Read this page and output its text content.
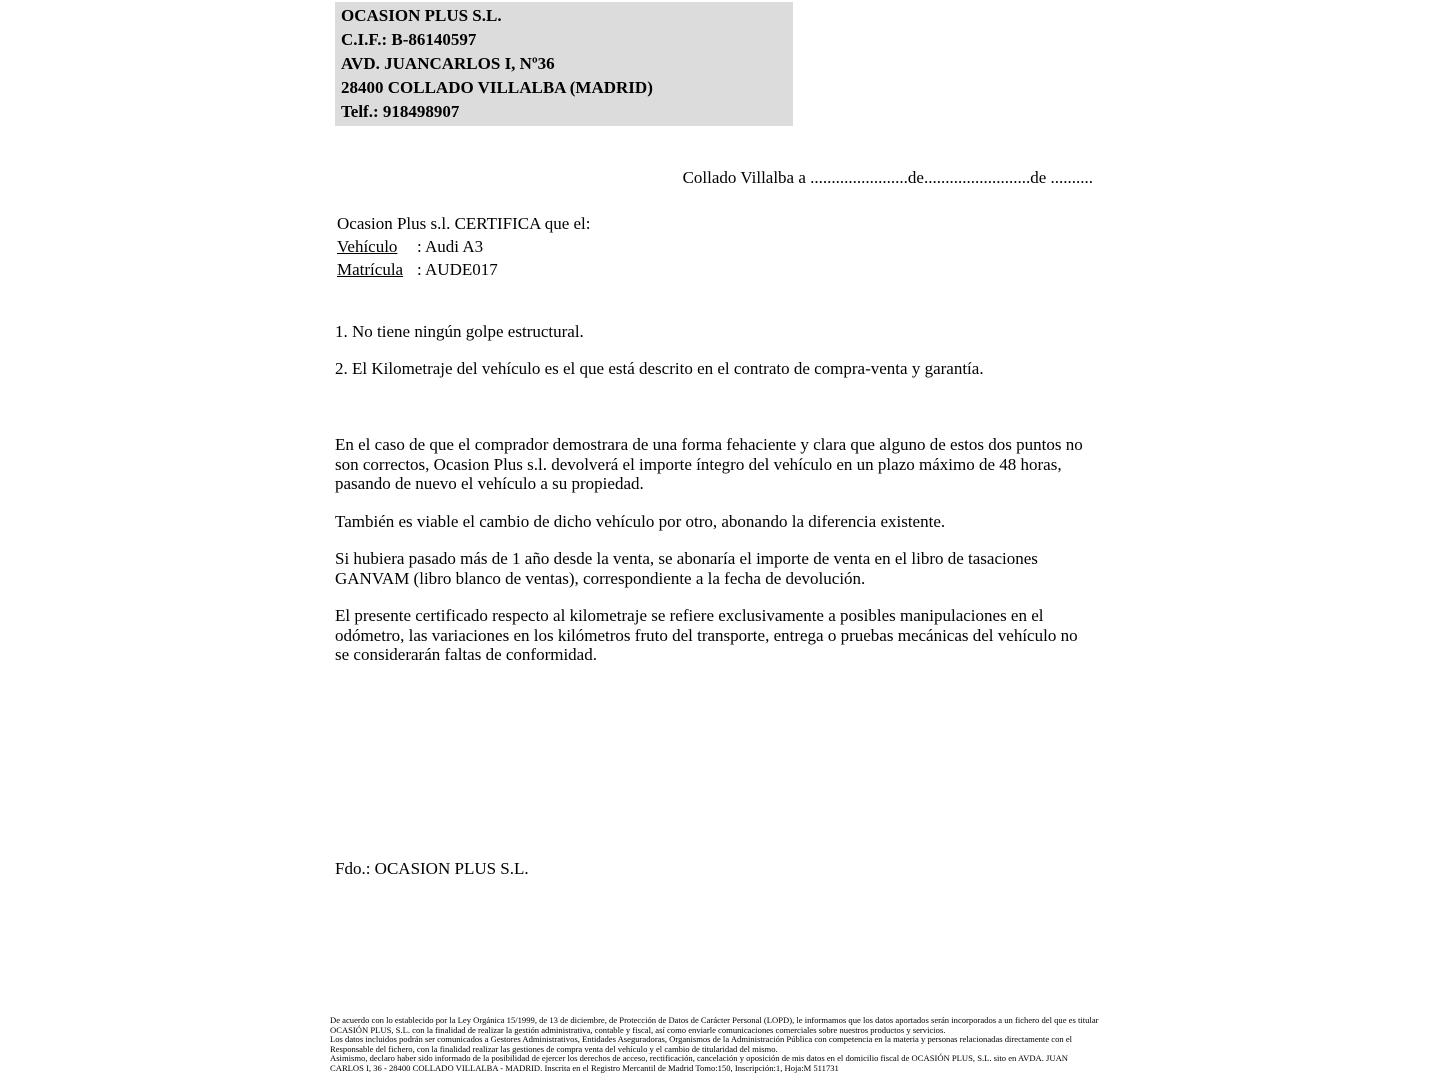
OCASION PLUS S.L.
C.I.F.: B-86140597
AVD. JUANCARLOS I, Nº36
28400 COLLADO VILLALBA (MADRID)
Telf.: 918498907
Collado Villalba a .......................de.........................de ..........
Ocasion Plus s.l. CERTIFICA que el:
Vehículo : Audi A3
Matrícula : AUDE017
1. No tiene ningún golpe estructural.
2. El Kilometraje del vehículo es el que está descrito en el contrato de compra-venta y garantía.

En el caso de que el comprador demostrara de una forma fehaciente y clara que alguno de estos dos puntos no son correctos, Ocasion Plus s.l. devolverá el importe íntegro del vehículo en un plazo máximo de 48 horas, pasando de nuevo el vehículo a su propiedad.

También es viable el cambio de dicho vehículo por otro, abonando la diferencia existente.

Si hubiera pasado más de 1 año desde la venta, se abonaría el importe de venta en el libro de tasaciones GANVAM (libro blanco de ventas), correspondiente a la fecha de devolución.

El presente certificado respecto al kilometraje se refiere exclusivamente a posibles manipulaciones en el odómetro, las variaciones en los kilómetros fruto del transporte, entrega o pruebas mecánicas del vehículo no se considerarán faltas de conformidad.

Fdo.: OCASION PLUS S.L.
De acuerdo con lo establecido por la Ley Orgánica 15/1999, de 13 de diciembre, de Protección de Datos de Carácter Personal (LOPD), le informamos que los datos aportados serán incorporados a un fichero del que es titular OCASIÓN PLUS, S.L. con la finalidad de realizar la gestión administrativa, contable y fiscal, así como enviarle comunicaciones comerciales sobre nuestros productos y servicios.
Los datos incluidos podrán ser comunicados a Gestores Administrativos, Entidades Aseguradoras, Organismos de la Administración Pública con competencia en la materia y personas relacionadas directamente con el Responsable del fichero, con la finalidad realizar las gestiones de compra venta del vehículo y el cambio de titularidad del mismo.
Asimismo, declaro haber sido informado de la posibilidad de ejercer los derechos de acceso, rectificación, cancelación y oposición de mis datos en el domicilio fiscal de OCASIÓN PLUS, S.L. sito en AVDA. JUAN CARLOS I, 36 - 28400 COLLADO VILLALBA - MADRID. Inscrita en el Registro Mercantil de Madrid Tomo:150, Inscripción:1, Hoja:M 511731
